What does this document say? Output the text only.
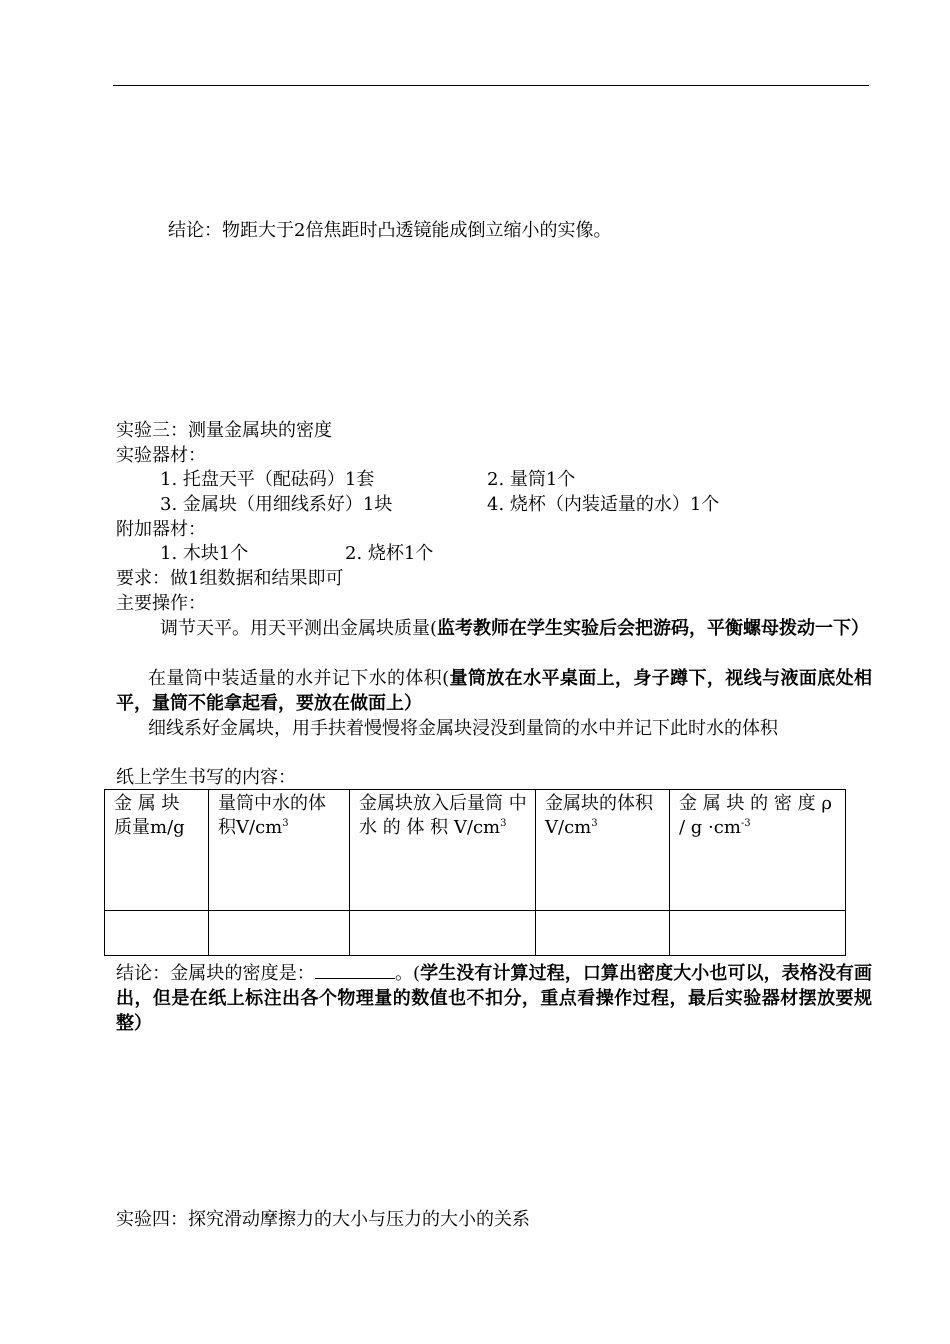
结论：物距大于2倍焦距时凸透镜能成倒立缩小的实像。
实验三：测量金属块的密度
实验器材：
1. 托盘天平（配砝码）1套	2. 量筒1个
3. 金属块（用细线系好）1块	4. 烧杯（内装适量的水）1个
附加器材：
1. 木块1个	2. 烧杯1个
要求：做1组数据和结果即可
主要操作：
调节天平。用天平测出金属块质量(监考教师在学生实验后会把游码，平衡螺母拨动一下）
在量筒中装适量的水并记下水的体积(量筒放在水平桌面上，身子蹲下，视线与液面底处相平，量筒不能拿起看，要放在做面上）
细线系好金属块，用手扶着慢慢将金属块浸没到量筒的水中并记下此时水的体积
纸上学生书写的内容：
金 属 块 质量m/g	量筒中水的体积$V/cm^3$	金属块放入后量筒 中 水 的 体 积 $V/cm^3$	金属块的体积$V/cm^3$	金 属 块 的 密 度 $\rho / g \cdot cm^{-3}$

结论：金属块的密度是：	。(学生没有计算过程，口算出密度大小也可以，表格没有画出，但是在纸上标注出各个物理量的数值也不扣分，重点看操作过程，最后实验器材摆放要规整）
实验四：探究滑动摩擦力的大小与压力的大小的关系
